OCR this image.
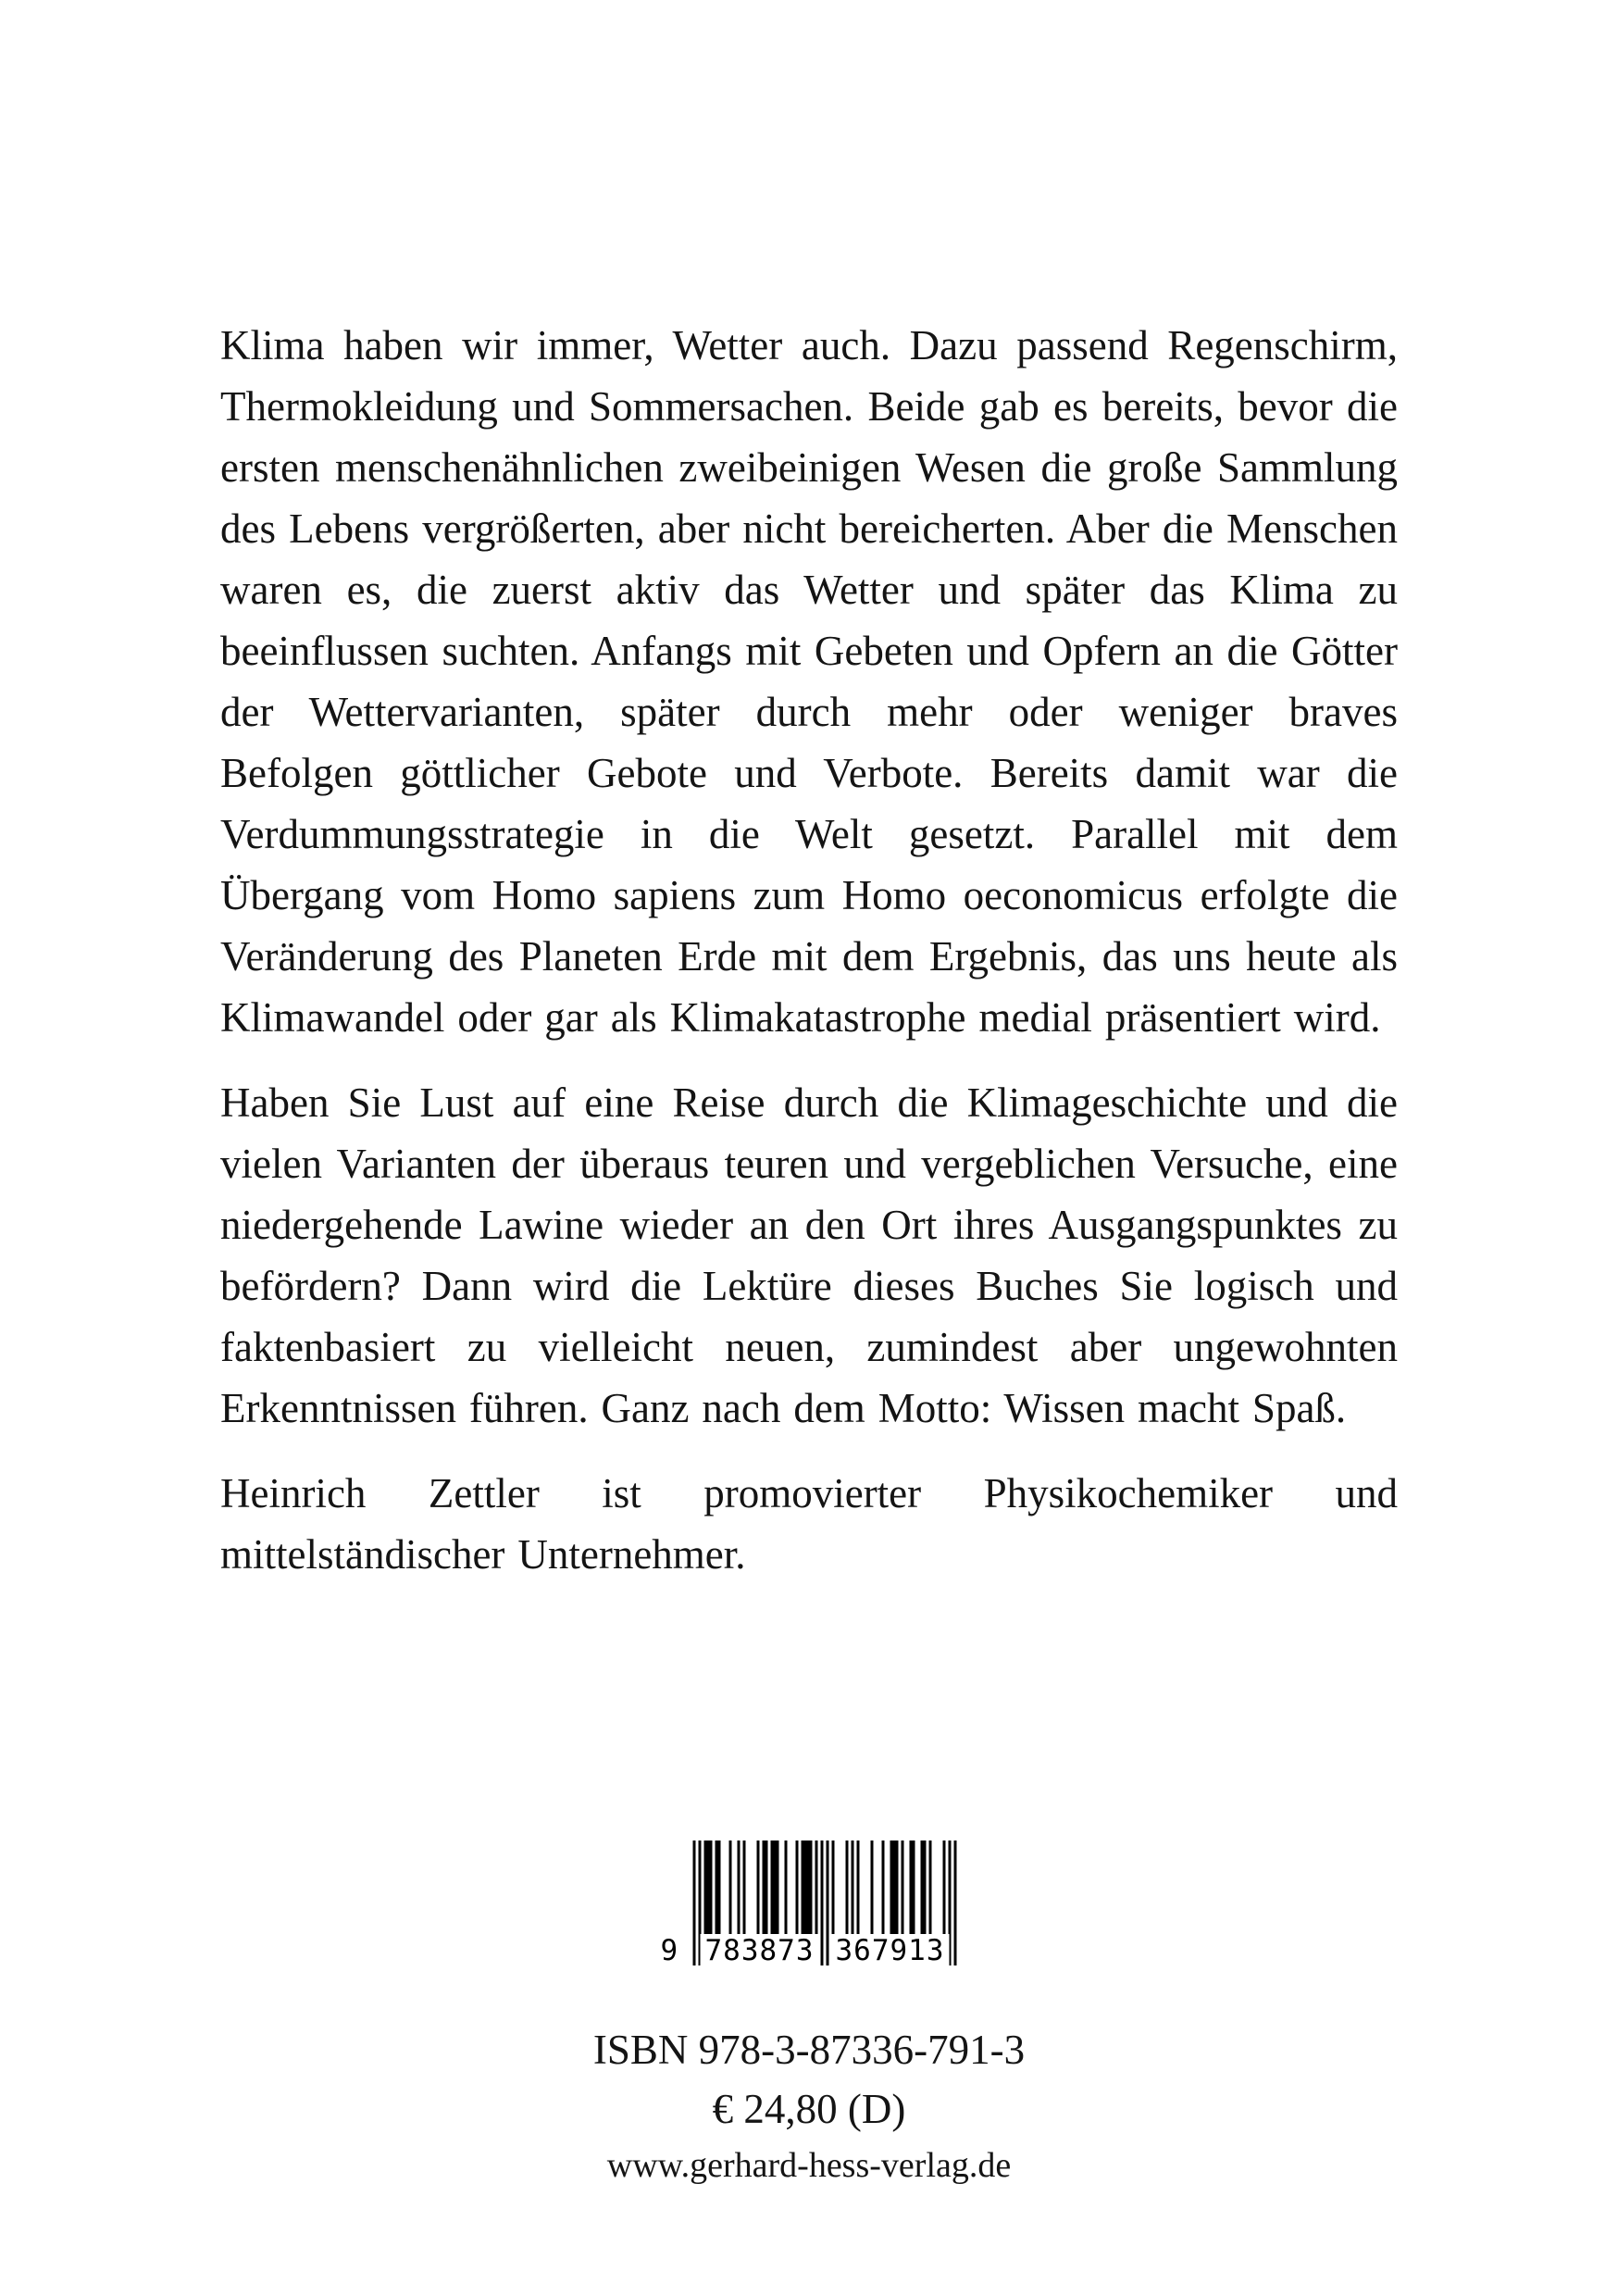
Klima haben wir immer, Wetter auch. Dazu passend Regenschirm, Thermokleidung und Sommersachen. Beide gab es bereits, bevor die ersten menschenähnlichen zweibeinigen Wesen die große Sammlung des Lebens vergrößerten, aber nicht bereicherten. Aber die Menschen waren es, die zuerst aktiv das Wetter und später das Klima zu beeinflussen suchten. Anfangs mit Gebeten und Opfern an die Götter der Wettervarianten, später durch mehr oder weniger braves Befolgen göttlicher Gebote und Verbote. Bereits damit war die Verdummungsstrategie in die Welt gesetzt. Parallel mit dem Übergang vom Homo sapiens zum Homo oeconomicus erfolgte die Veränderung des Planeten Erde mit dem Ergebnis, das uns heute als Klimawandel oder gar als Klimakatastrophe medial präsentiert wird.

Haben Sie Lust auf eine Reise durch die Klimageschichte und die vielen Varianten der überaus teuren und vergeblichen Versuche, eine niedergehende Lawine wieder an den Ort ihres Ausgangspunktes zu befördern? Dann wird die Lektüre dieses Buches Sie logisch und faktenbasiert zu vielleicht neuen, zumindest aber ungewohnten Erkenntnissen führen. Ganz nach dem Motto: Wissen macht Spaß.

Heinrich Zettler ist promovierter Physikochemiker und mittelständischer Unternehmer.

9 783873 367913
ISBN 978-3-87336-791-3
€ 24,80 (D)
www.gerhard-hess-verlag.de
